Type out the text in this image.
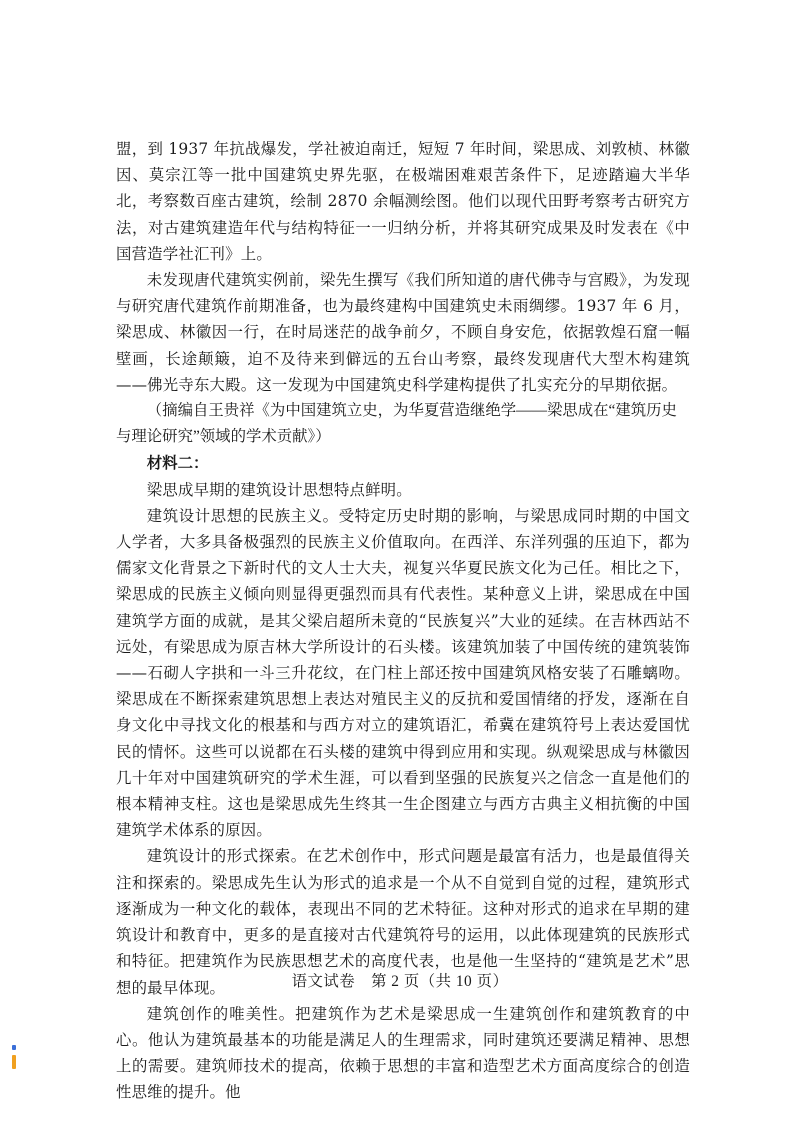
盟，到 1937 年抗战爆发，学社被迫南迁，短短 7 年时间，梁思成、刘敦桢、林徽因、莫宗江等一批中国建筑史界先驱，在极端困难艰苦条件下，足迹踏遍大半华北，考察数百座古建筑，绘制 2870 余幅测绘图。他们以现代田野考察考古研究方法，对古建筑建造年代与结构特征一一归纳分析，并将其研究成果及时发表在《中国营造学社汇刊》上。

未发现唐代建筑实例前，梁先生撰写《我们所知道的唐代佛寺与宫殿》，为发现与研究唐代建筑作前期准备，也为最终建构中国建筑史未雨绸缪。1937 年 6 月，梁思成、林徽因一行，在时局迷茫的战争前夕，不顾自身安危，依据敦煌石窟一幅壁画，长途颠簸，迫不及待来到僻远的五台山考察，最终发现唐代大型木构建筑——佛光寺东大殿。这一发现为中国建筑史科学建构提供了扎实充分的早期依据。

（摘编自王贵祥《为中国建筑立史，为华夏营造继绝学——梁思成在“建筑历史与理论研究”领域的学术贡献》）

材料二：

梁思成早期的建筑设计思想特点鲜明。

建筑设计思想的民族主义。受特定历史时期的影响，与梁思成同时期的中国文人学者，大多具备极强烈的民族主义价值取向。在西洋、东洋列强的压迫下，都为儒家文化背景之下新时代的文人士大夫，视复兴华夏民族文化为己任。相比之下，梁思成的民族主义倾向则显得更强烈而具有代表性。某种意义上讲，梁思成在中国建筑学方面的成就，是其父梁启超所未竟的“民族复兴”大业的延续。在吉林西站不远处，有梁思成为原吉林大学所设计的石头楼。该建筑加装了中国传统的建筑装饰——石砌人字拱和一斗三升花纹，在门柱上部还按中国建筑风格安装了石雕螭吻。梁思成在不断探索建筑思想上表达对殖民主义的反抗和爱国情绪的抒发，逐渐在自身文化中寻找文化的根基和与西方对立的建筑语汇，希冀在建筑符号上表达爱国忧民的情怀。这些可以说都在石头楼的建筑中得到应用和实现。纵观梁思成与林徽因几十年对中国建筑研究的学术生涯，可以看到坚强的民族复兴之信念一直是他们的根本精神支柱。这也是梁思成先生终其一生企图建立与西方古典主义相抗衡的中国建筑学术体系的原因。

建筑设计的形式探索。在艺术创作中，形式问题是最富有活力，也是最值得关注和探索的。梁思成先生认为形式的追求是一个从不自觉到自觉的过程，建筑形式逐渐成为一种文化的载体，表现出不同的艺术特征。这种对形式的追求在早期的建筑设计和教育中，更多的是直接对古代建筑符号的运用，以此体现建筑的民族形式和特征。把建筑作为民族思想艺术的高度代表，也是他一生坚持的“建筑是艺术”思想的最早体现。

建筑创作的唯美性。把建筑作为艺术是梁思成一生建筑创作和建筑教育的中心。他认为建筑最基本的功能是满足人的生理需求，同时建筑还要满足精神、思想上的需要。建筑师技术的提高，依赖于思想的丰富和造型艺术方面高度综合的创造性思维的提升。他

语文试卷　第 2 页（共 10 页）
